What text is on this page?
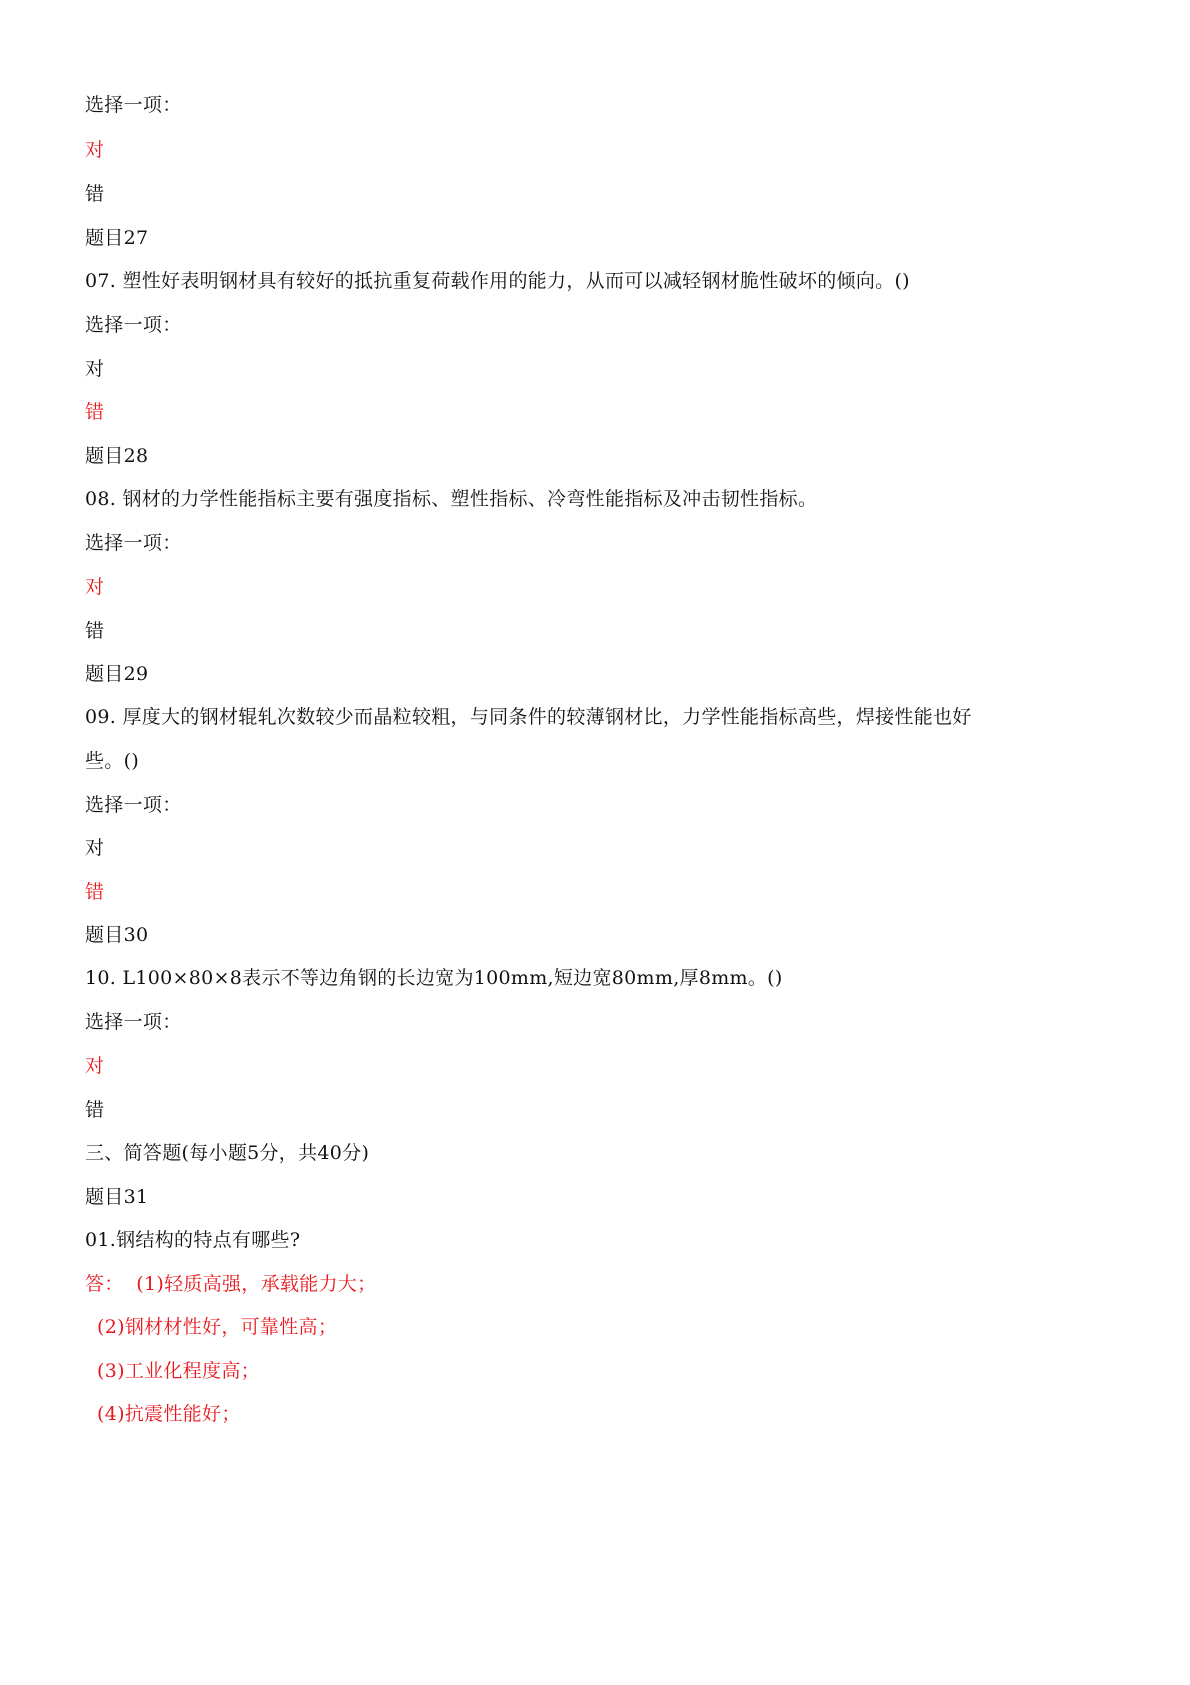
选择一项：
对
错
题目27
07. 塑性好表明钢材具有较好的抵抗重复荷载作用的能力，从而可以减轻钢材脆性破坏的倾向。()
选择一项：
对
错
题目28
08. 钢材的力学性能指标主要有强度指标、塑性指标、冷弯性能指标及冲击韧性指标。
选择一项：
对
错
题目29
09. 厚度大的钢材辊轧次数较少而晶粒较粗，与同条件的较薄钢材比，力学性能指标高些，焊接性能也好
些。()
选择一项：
对
错
题目30
10. L100×80×8表示不等边角钢的长边宽为100mm,短边宽80mm,厚8mm。()
选择一项：
对
错
三、简答题(每小题5分，共40分)
题目31
01.钢结构的特点有哪些?
答：  (1)轻质高强，承载能力大；
(2)钢材材性好，可靠性高；
(3)工业化程度高；
(4)抗震性能好；
